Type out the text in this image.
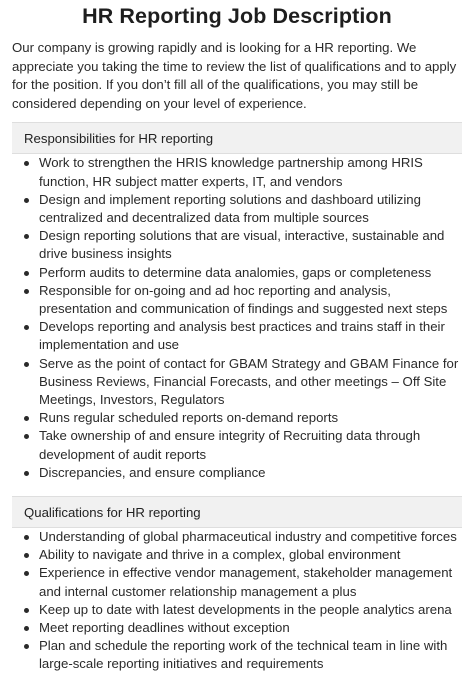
HR Reporting Job Description

Our company is growing rapidly and is looking for a HR reporting. We appreciate you taking the time to review the list of qualifications and to apply for the position. If you don’t fill all of the qualifications, you may still be considered depending on your level of experience.

Responsibilities for HR reporting
Work to strengthen the HRIS knowledge partnership among HRIS function, HR subject matter experts, IT, and vendors
Design and implement reporting solutions and dashboard utilizing centralized and decentralized data from multiple sources
Design reporting solutions that are visual, interactive, sustainable and drive business insights
Perform audits to determine data analomies, gaps or completeness
Responsible for on-going and ad hoc reporting and analysis, presentation and communication of findings and suggested next steps
Develops reporting and analysis best practices and trains staff in their implementation and use
Serve as the point of contact for GBAM Strategy and GBAM Finance for Business Reviews, Financial Forecasts, and other meetings – Off Site Meetings, Investors, Regulators
Runs regular scheduled reports on-demand reports
Take ownership of and ensure integrity of Recruiting data through development of audit reports
Discrepancies, and ensure compliance
Qualifications for HR reporting
Understanding of global pharmaceutical industry and competitive forces
Ability to navigate and thrive in a complex, global environment
Experience in effective vendor management, stakeholder management and internal customer relationship management a plus
Keep up to date with latest developments in the people analytics arena
Meet reporting deadlines without exception
Plan and schedule the reporting work of the technical team in line with large-scale reporting initiatives and requirements
